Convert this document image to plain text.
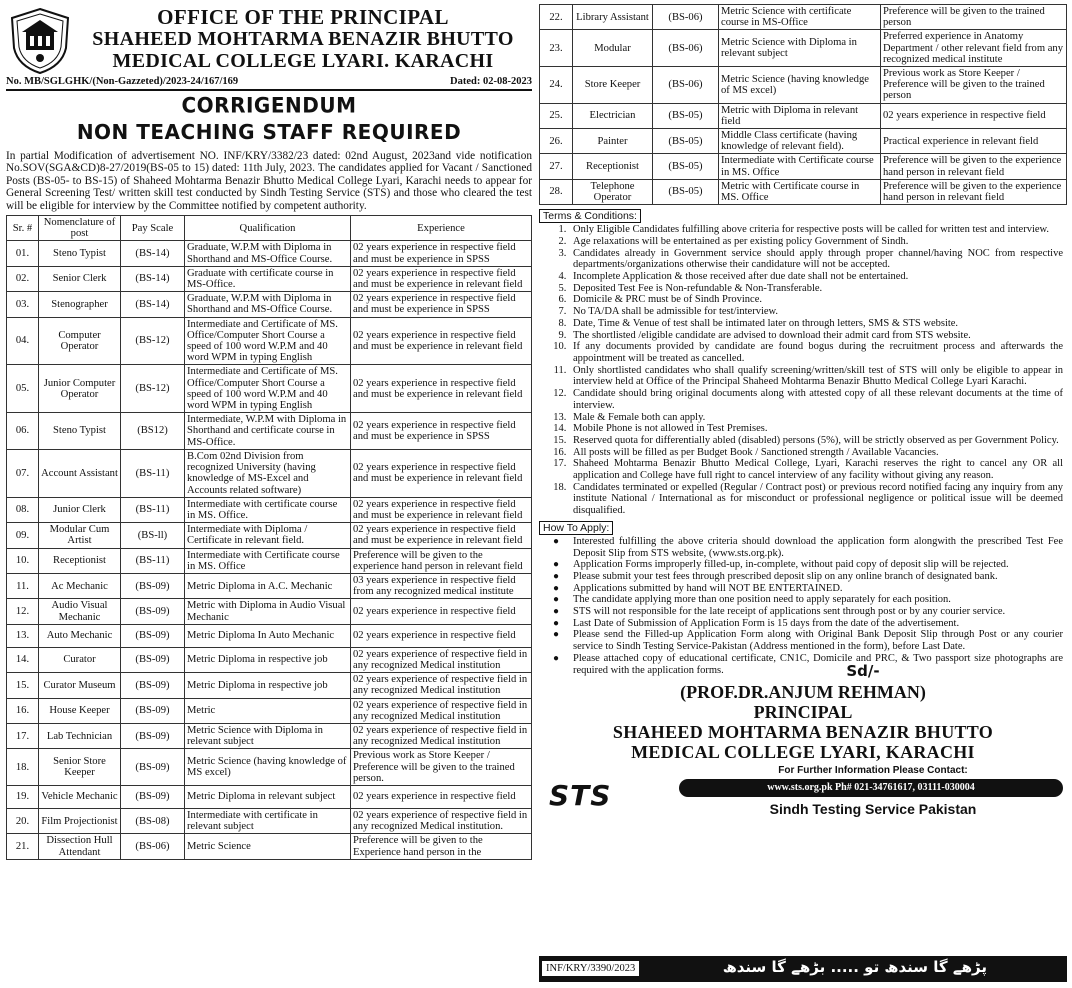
OFFICE OF THE PRINCIPAL
SHAHEED MOHTARMA BENAZIR BHUTTO
MEDICAL COLLEGE LYARI. KARACHI
No. MB/SGLGHK/(Non-Gazzeted)/2023-24/167/169	Dated: 02-08-2023
CORRIGENDUM
NON TEACHING STAFF REQUIRED

In partial Modification of advertisement NO. INF/KRY/3382/23 dated: 02nd August, 2023and vide notification No.SOV(SGA&CD)8-27/2019(BS-05 to 15) dated: 11th July, 2023. The candidates applied for Vacant / Sanctioned Posts (BS-05- to BS-15) of Shaheed Mohtarma Benazir Bhutto Medical College Lyari, Karachi needs to appear for General Screening Test/ written skill test conducted by Sindh Testing Service (STS) and those who cleared the test will be eligible for interview by the Committee notified by competent authority.

Sr. #	Nomenclature of post	Pay Scale	Qualification	Experience
01.	Steno Typist	(BS-14)	Graduate, W.P.M with Diploma in Shorthand and MS-Office Course.	02 years experience in respective field and must be experience in SPSS
02.	Senior Clerk	(BS-14)	Graduate with certificate course in MS-Office.	02 years experience in respective field and must be experience in relevant field
03.	Stenographer	(BS-14)	Graduate, W.P.M with Diploma in Shorthand and MS-Office Course.	02 years experience in respective field and must be experience in SPSS
04.	Computer Operator	(BS-12)	Intermediate and Certificate of MS. Office/Computer Short Course a speed of 100 word W.P.M and 40 word WPM in typing English	02 years experience in respective field and must be experience in relevant field
05.	Junior Computer Operator	(BS-12)	Intermediate and Certificate of MS. Office/Computer Short Course a speed of 100 word W.P.M and 40 word WPM in typing English	02 years experience in respective field and must be experience in relevant field
06.	Steno Typist	(BS12)	Intermediate, W.P.M with Diploma in Shorthand and certificate course in MS-Office.	02 years experience in respective field and must be experience in SPSS
07.	Account Assistant	(BS-11)	B.Com 02nd Division from recognized University (having knowledge of MS-Excel and Accounts related software)	02 years experience in respective field and must be experience in relevant field
08.	Junior Clerk	(BS-11)	Intermediate with certificate course in MS. Office.	02 years experience in respective field and must be experience in relevant field
09.	Modular Cum Artist	(BS-ll)	Intermediate with Diploma / Certificate in relevant field.	02 years experience in respective field and must be experience in relevant field
10.	Receptionist	(BS-11)	Intermediate with Certificate course in MS. Office	Preference will be given to the experience hand person in relevant field
11.	Ac Mechanic	(BS-09)	Metric Diploma in A.C. Mechanic	03 years experience in respective field from any recognized medical institute
12.	Audio Visual Mechanic	(BS-09)	Metric with Diploma in Audio Visual Mechanic	02 years experience in respective field
13.	Auto Mechanic	(BS-09)	Metric Diploma In Auto Mechanic	02 years experience in respective field
14.	Curator	(BS-09)	Metric Diploma in respective job	02 years experience of respective field in any recognized Medical institution
15.	Curator Museum	(BS-09)	Metric Diploma in respective job	02 years experience of respective field in any recognized Medical institution
16.	House Keeper	(BS-09)	Metric	02 years experience of respective field in any recognized Medical institution
17.	Lab Technician	(BS-09)	Metric Science with Diploma in relevant subject	02 years experience of respective field in any recognized Medical institution
18.	Senior Store Keeper	(BS-09)	Metric Science (having knowledge of MS excel)	Previous work as Store Keeper / Preference will be given to the trained person.
19.	Vehicle Mechanic	(BS-09)	Metric Diploma in relevant subject	02 years experience in respective field
20.	Film Projectionist	(BS-08)	Intermediate with certificate in relevant subject	02 years experience of respective field in any recognized Medical institution.
21.	Dissection Hull Attendant	(BS-06)	Metric Science	Preference will be given to the Experience hand person in the
22.	Library Assistant	(BS-06)	Metric Science with certificate course in MS-Office	Preference will be given to the trained person
23.	Modular	(BS-06)	Metric Science with Diploma in relevant subject	Preferred experience in Anatomy Department / other relevant field from any recognized medical institute
24.	Store Keeper	(BS-06)	Metric Science (having knowledge of MS excel)	Previous work as Store Keeper / Preference will be given to the trained person
25.	Electrician	(BS-05)	Metric with Diploma in relevant field	02 years experience in respective field
26.	Painter	(BS-05)	Middle Class certificate (having knowledge of relevant field).	Practical experience in relevant field
27.	Receptionist	(BS-05)	Intermediate with Certificate course in MS. Office	Preference will be given to the experience hand person in relevant field
28.	Telephone Operator	(BS-05)	Metric with Certificate course in MS. Office	Preference will be given to the experience hand person in relevant field
Terms & Conditions:
1. Only Eligible Candidates fulfilling above criteria for respective posts will be called for written test and interview.
2. Age relaxations will be entertained as per existing policy Government of Sindh.
3. Candidates already in Government service should apply through proper channel/having NOC from respective departments/organizations otherwise their candidature will not be accepted.
4. Incomplete Application & those received after due date shall not be entertained.
5. Deposited Test Fee is Non-refundable & Non-Transferable.
6. Domicile & PRC must be of Sindh Province.
7. No TA/DA shall be admissible for test/interview.
8. Date, Time & Venue of test shall be intimated later on through letters, SMS & STS website.
9. The shortlisted /eligible candidate are advised to download their admit card from STS website.
10. If any documents provided by candidate are found bogus during the recruitment process and afterwards the appointment will be treated as cancelled.
11. Only shortlisted candidates who shall qualify screening/written/skill test of STS will only be eligible to appear in interview held at Office of the Principal Shaheed Mohtarma Benazir Bhutto Medical College Lyari Karachi.
12. Candidate should bring original documents along with attested copy of all these relevant documents at the time of interview.
13. Male & Female both can apply.
14. Mobile Phone is not allowed in Test Premises.
15. Reserved quota for differentially abled (disabled) persons (5%), will be strictly observed as per Government Policy.
16. All posts will be filled as per Budget Book / Sanctioned strength / Available Vacancies.
17. Shaheed Mohtarma Benazir Bhutto Medical College, Lyari, Karachi reserves the right to cancel any OR all application and College have full right to cancel interview of any facility without giving any reason.
18. Candidates terminated or expelled (Regular / Contract post) or previous record notified facing any inquiry from any institute National / International as for misconduct or professional negligence or political issue will be deemed disqualified.
How To Apply:
● Interested fulfilling the above criteria should download the application form alongwith the prescribed Test Fee Deposit Slip from STS website, (www.sts.org.pk).
● Application Forms improperly filled-up, in-complete, without paid copy of deposit slip will be rejected.
● Please submit your test fees through prescribed deposit slip on any online branch of designated bank.
● Applications submitted by hand will NOT BE ENTERTAINED.
● The candidate applying more than one position need to apply separately for each position.
● STS will not responsible for the late receipt of applications sent through post or by any courier service.
● Last Date of Submission of Application Form is 15 days from the date of the advertisement.
● Please send the Filled-up Application Form along with Original Bank Deposit Slip through Post or any courier service to Sindh Testing Service-Pakistan (Address mentioned in the form), before Last Date.
● Please attached copy of educational certificate, CN1C, Domicile and PRC, & Two passport size photographs are required with the application forms.	Sd/-
(PROF.DR.ANJUM REHMAN)
PRINCIPAL
SHAHEED MOHTARMA BENAZIR BHUTTO
MEDICAL COLLEGE LYARI, KARACHI
STS
For Further Information Please Contact:
www.sts.org.pk Ph# 021-34761617, 03111-030004
Sindh Testing Service Pakistan
INF/KRY/3390/2023	پڑھے گا سندھ تو ..... بڑھے گا سندھ
